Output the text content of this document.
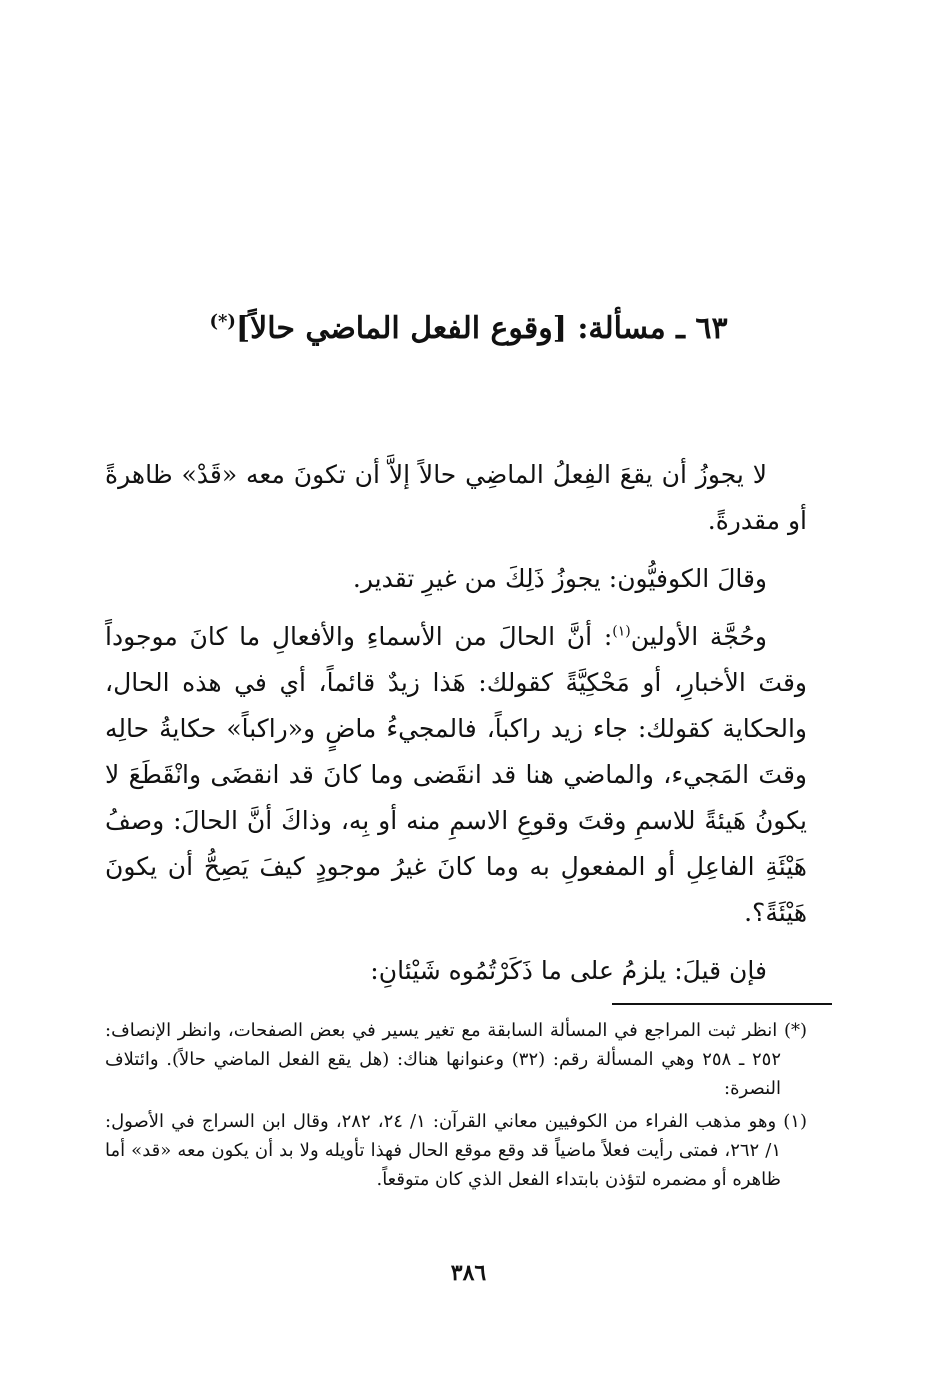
٦٣ ـ مسألة: [وقوع الفعل الماضي حالاً](*)

لا يجوزُ أن يقعَ الفِعلُ الماضِي حالاً إلاَّ أن تكونَ معه «قَدْ» ظاهرةً أو مقدرةً.

وقالَ الكوفيُّون: يجوزُ ذَلِكَ من غيرِ تقدير.

وحُجَّة الأولين$^{(١)}$: أنَّ الحالَ من الأسماءِ والأفعالِ ما كانَ موجوداً وقتَ الأخبارِ، أو مَحْكِيَّةً كقولك: هَذا زيدٌ قائماً، أي في هذه الحال، والحكاية كقولك: جاء زيد راكباً، فالمجيءُ ماضٍ و«راكباً» حكايةُ حالِه وقتَ المَجيء، والماضي هنا قد انقَضى وما كانَ قد انقضَى وانْقَطَعَ لا يكونُ هَيئةً للاسمِ وقتَ وقوعِ الاسمِ منه أو بِه، وذاكَ أنَّ الحالَ: وصفُ هَيْئَةِ الفاعِلِ أو المفعولِ به وما كانَ غيرُ موجودٍ كيفَ يَصِحُّ أن يكونَ هَيْئَةً؟.

فإن قيلَ: يلزمُ على ما ذَكَرْتُمُوه شَيْئانِ:

(*) انظر ثبت المراجع في المسألة السابقة مع تغير يسير في بعض الصفحات، وانظر الإنصاف: ٢٥٢ ـ ٢٥٨ وهي المسألة رقم: (٣٢) وعنوانها هناك: (هل يقع الفعل الماضي حالاً). وائتلاف النصرة:

(١) وهو مذهب الفراء من الكوفيين معاني القرآن: ١/ ٢٤، ٢٨٢، وقال ابن السراج في الأصول: ١/ ٢٦٢، فمتى رأيت فعلاً ماضياً قد وقع موقع الحال فهذا تأويله ولا بد أن يكون معه «قد» أما ظاهره أو مضمره لتؤذن بابتداء الفعل الذي كان متوقعاً.

٣٨٦
